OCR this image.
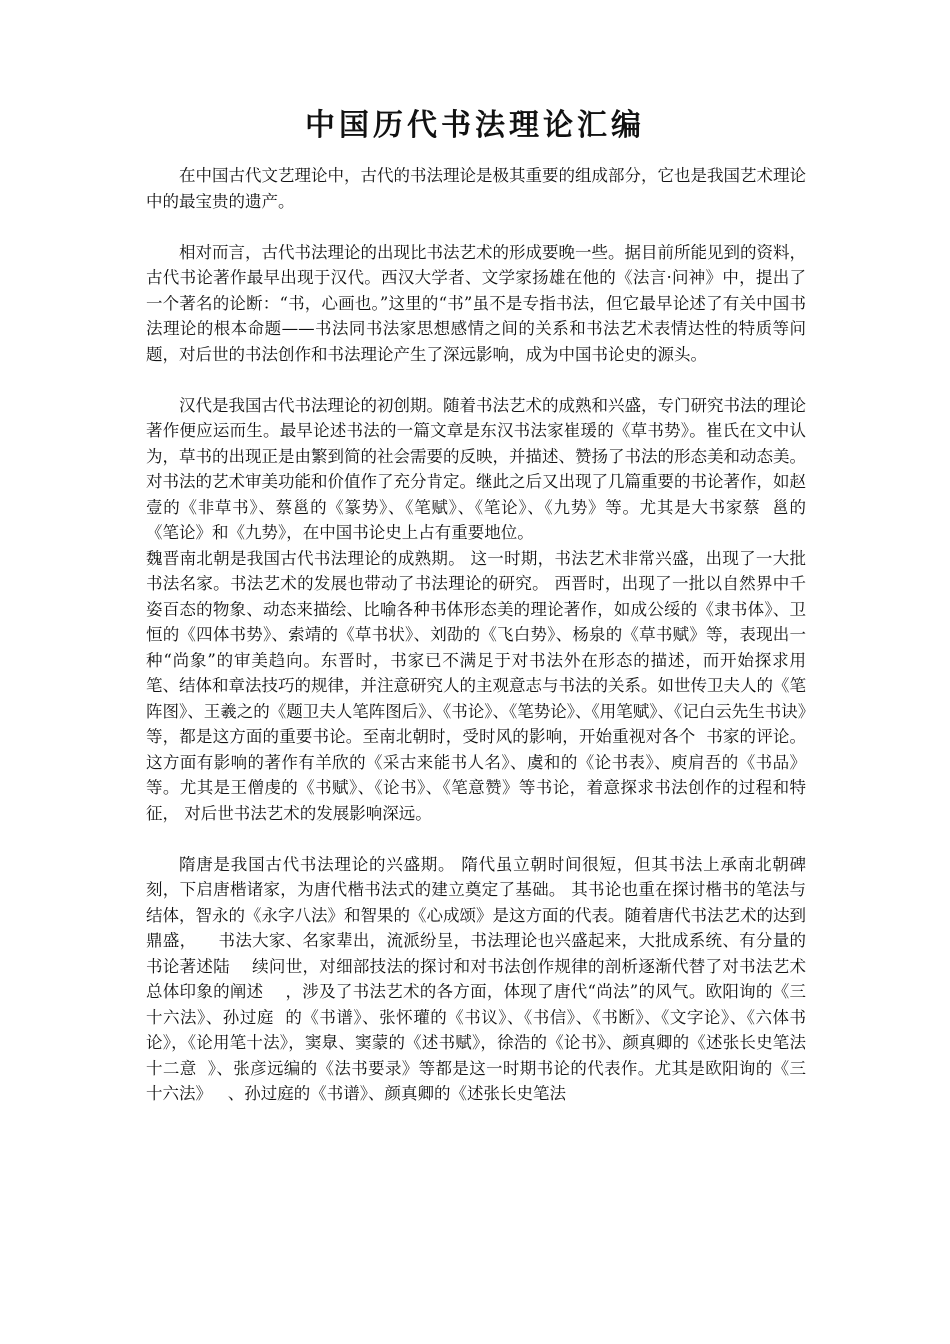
中国历代书法理论汇编

在中国古代文艺理论中，古代的书法理论是极其重要的组成部分，它也是我国艺术理论中的最宝贵的遗产。

相对而言，古代书法理论的出现比书法艺术的形成要晚一些。据目前所能见到的资料，古代书论著作最早出现于汉代。西汉大学者、文学家扬雄在他的《法言·问神》中，提出了一个著名的论断：“书，心画也。”这里的“书”虽不是专指书法，但它最早论述了有关中国书法理论的根本命题——书法同书法家思想感情之间的关系和书法艺术表情达性的特质等问题，对后世的书法创作和书法理论产生了深远影响，成为中国书论史的源头。

汉代是我国古代书法理论的初创期。随着书法艺术的成熟和兴盛，专门研究书法的理论  著作便应运而生。最早论述书法的一篇文章是东汉书法家崔瑗的《草书势》。崔氏在文中认  为，草书的出现正是由繁到简的社会需要的反映，并描述、赞扬了书法的形态美和动态美。 对书法的艺术审美功能和价值作了充分肯定。继此之后又出现了几篇重要的书论著作，如赵壹的《非草书》、蔡邕的《篆势》、《笔赋》、《笔论》、《九势》等。尤其是大书家蔡  邕的《笔论》和《九势》，在中国书论史上占有重要地位。

魏晋南北朝是我国古代书法理论的成熟期。 这一时期，书法艺术非常兴盛，出现了一大批书法名家。书法艺术的发展也带动了书法理论的研究。 西晋时，出现了一批以自然界中千   姿百态的物象、动态来描绘、比喻各种书体形态美的理论著作，如成公绥的《隶书体》、卫恒的《四体书势》、索靖的《草书状》、刘劭的《飞白势》、杨泉的《草书赋》等，表现出一种“尚象”的审美趋向。东晋时，书家已不满足于对书法外在形态的描述，而开始探求用   笔、结体和章法技巧的规律，并注意研究人的主观意志与书法的关系。如世传卫夫人的《笔阵图》、王羲之的《题卫夫人笔阵图后》、《书论》、《笔势论》、《用笔赋》、《记白云先生书诀》等，都是这方面的重要书论。至南北朝时，受时风的影响，开始重视对各个  书家的评论。这方面有影响的著作有羊欣的《采古来能书人名》、虞和的《论书表》、庾肩吾的《书品》等。尤其是王僧虔的《书赋》、《论书》、《笔意赞》等书论，着意探求书法创作的过程和特征， 对后世书法艺术的发展影响深远。

隋唐是我国古代书法理论的兴盛期。 隋代虽立朝时间很短，但其书法上承南北朝碑刻，下启唐楷诸家，为唐代楷书法式的建立奠定了基础。 其书论也重在探讨楷书的笔法与结体，智永的《永字八法》和智果的《心成颂》是这方面的代表。随着唐代书法艺术的达到鼎盛，    书法大家、名家辈出，流派纷呈，书法理论也兴盛起来，大批成系统、有分量的书论著述陆    续问世，对细部技法的探讨和对书法创作规律的剖析逐渐代替了对书法艺术总体印象的阐述    ，涉及了书法艺术的各方面，体现了唐代“尚法”的风气。欧阳询的《三十六法》、孙过庭  的《书谱》、张怀瓘的《书议》、《书信》、《书断》、《文字论》、《六体书论》，《论用笔十法》，窦臮、窦蒙的《述书赋》，徐浩的《论书》、颜真卿的《述张长史笔法十二意  》、张彦远编的《法书要录》等都是这一时期书论的代表作。尤其是欧阳询的《三十六法》   、孙过庭的《书谱》、颜真卿的《述张长史笔法
